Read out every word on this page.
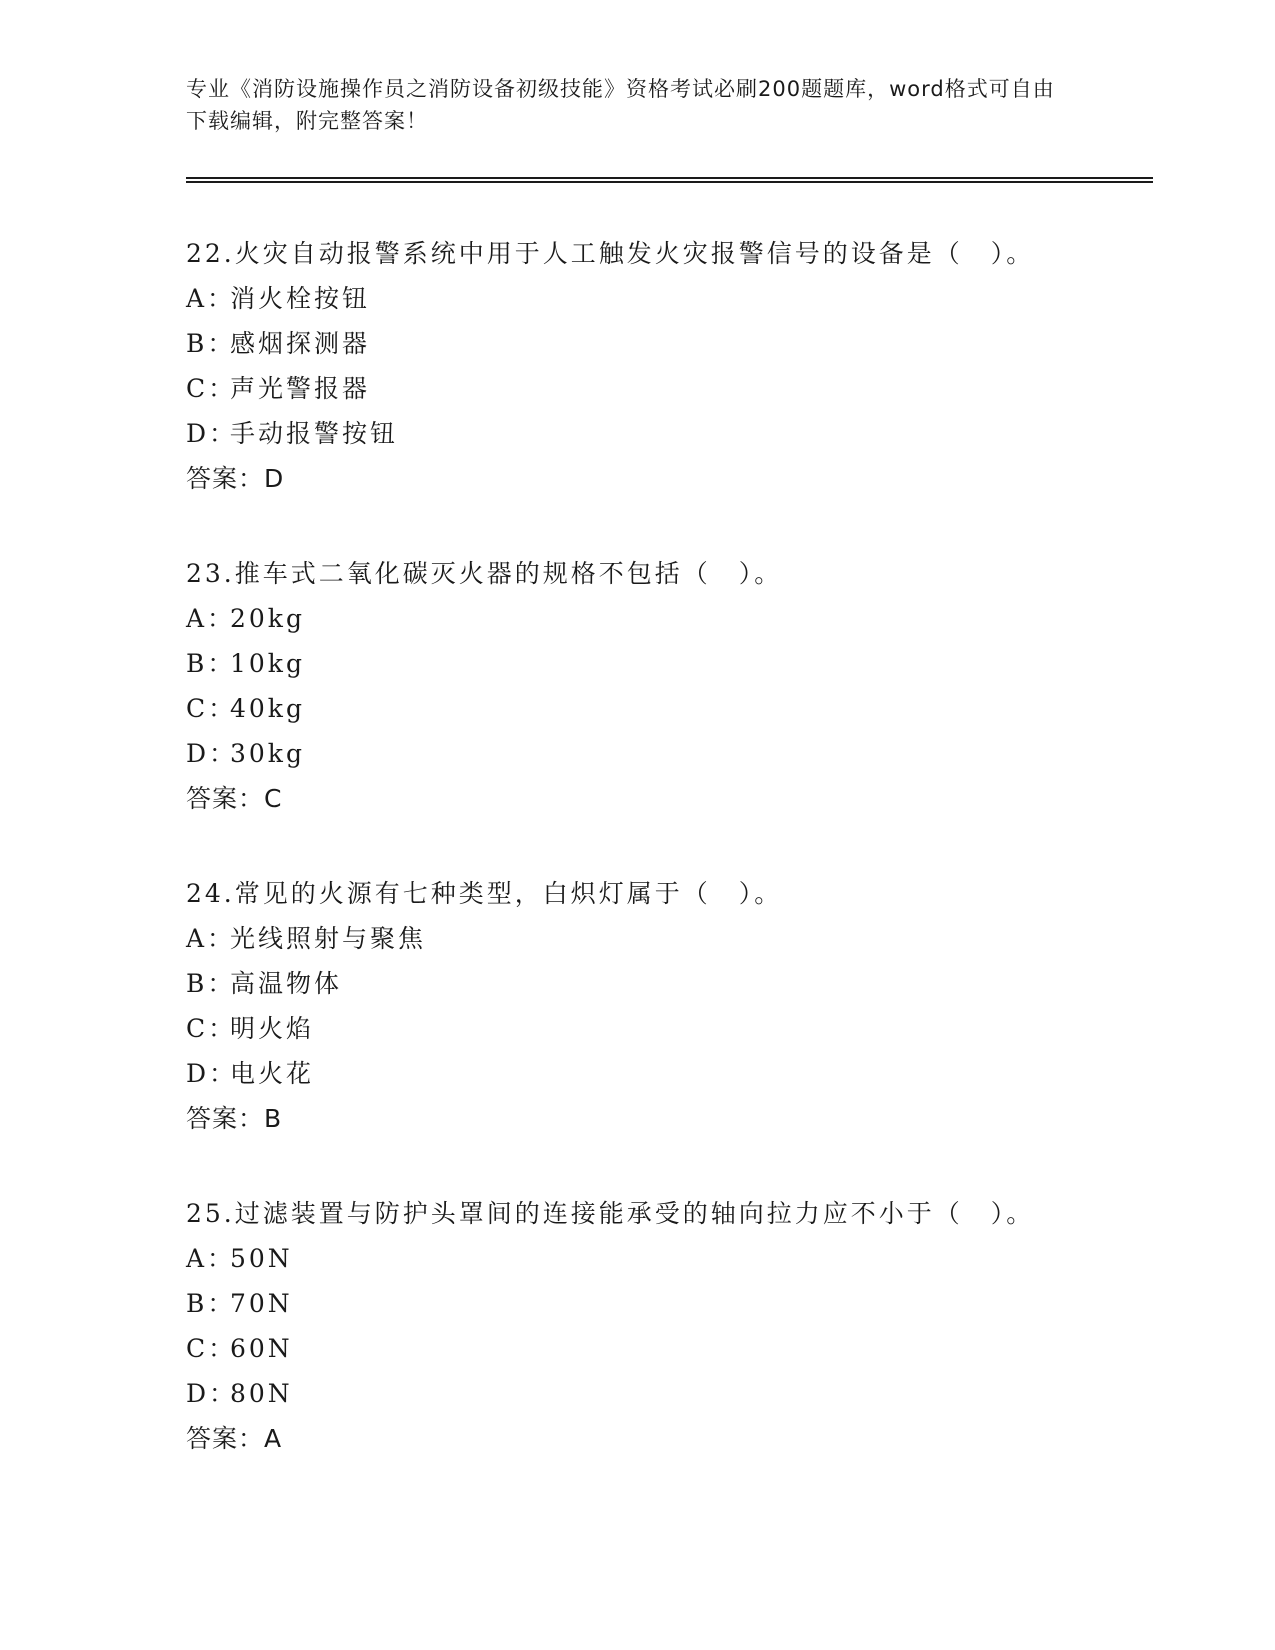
专业《消防设施操作员之消防设备初级技能》资格考试必刷200题题库，word格式可自由下载编辑，附完整答案！
22.火灾自动报警系统中用于人工触发火灾报警信号的设备是（　）。
A：消火栓按钮
B：感烟探测器
C：声光警报器
D：手动报警按钮
答案：D
23.推车式二氧化碳灭火器的规格不包括（　）。
A：20kg
B：10kg
C：40kg
D：30kg
答案：C
24.常见的火源有七种类型，白炽灯属于（　）。
A：光线照射与聚焦
B：高温物体
C：明火焰
D：电火花
答案：B
25.过滤装置与防护头罩间的连接能承受的轴向拉力应不小于（　）。
A：50N
B：70N
C：60N
D：80N
答案：A
